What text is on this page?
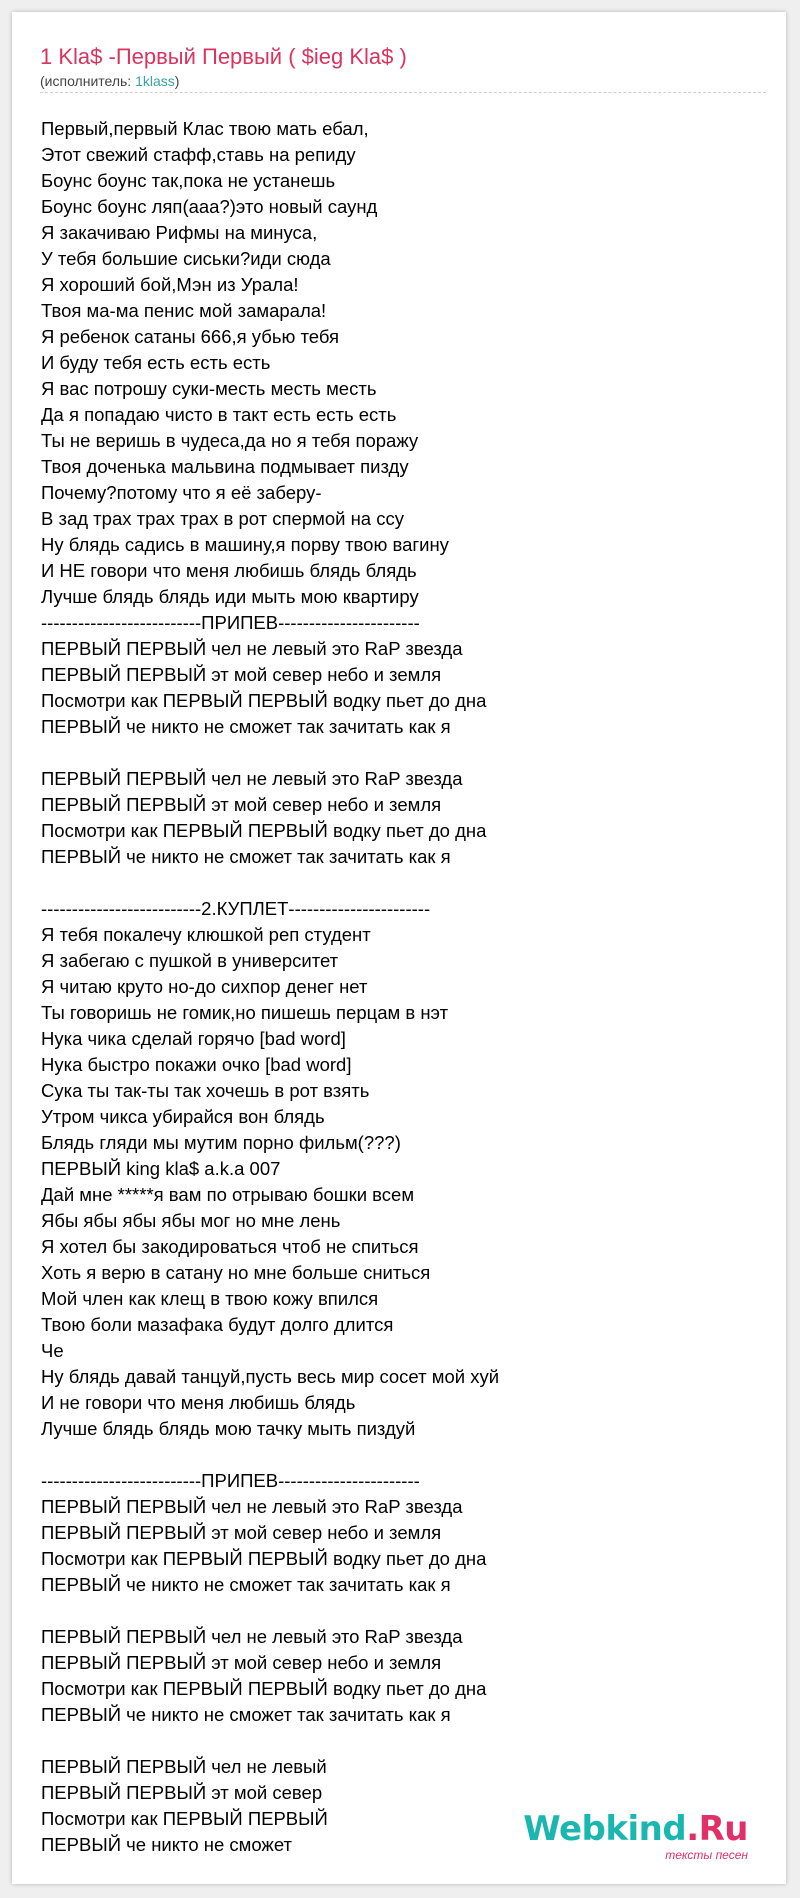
1 Kla$ -Первый Первый ( $ieg Kla$ )
(исполнитель: 1klass)
Первый,первый Клас твою мать ебал,
Этот свежий стафф,ставь на репиду
Боунс боунс так,пока не устанешь
Боунс боунс ляп(ааа?)это новый саунд
Я закачиваю Рифмы на минуса,
У тебя большие сиськи?иди сюда
Я хороший бой,Мэн из Урала!
Твоя ма-ма пенис мой замарала!
Я ребенок сатаны 666,я убью тебя
И буду тебя есть есть есть
Я вас потрошу суки-месть месть месть
Да я попадаю чисто в такт есть есть есть
Ты не веришь в чудеса,да но я тебя поражу
Твоя доченька мальвина подмывает пизду
Почему?потому что я её заберу-
В зад трах трах трах в рот спермой на ссу
Ну блядь садись в машину,я порву твою вагину
И НЕ говори что меня любишь блядь блядь
Лучше блядь блядь иди мыть мою квартиру
--------------------------ПРИПЕВ-----------------------
ПЕРВЫЙ ПЕРВЫЙ чел не левый это RaP звезда
ПЕРВЫЙ ПЕРВЫЙ эт мой север небо и земля
Посмотри как ПЕРВЫЙ ПЕРВЫЙ водку пьет до дна
ПЕРВЫЙ че никто не сможет так зачитать как я

ПЕРВЫЙ ПЕРВЫЙ чел не левый это RaP звезда
ПЕРВЫЙ ПЕРВЫЙ эт мой север небо и земля
Посмотри как ПЕРВЫЙ ПЕРВЫЙ водку пьет до дна
ПЕРВЫЙ че никто не сможет так зачитать как я

--------------------------2.КУПЛЕТ-----------------------
Я тебя покалечу клюшкой реп студент
Я забегаю с пушкой в университет
Я читаю круто но-до сихпор денег нет
Ты говоришь не гомик,но пишешь перцам в нэт
Нука чика сделай горячо [bad word]
Нука быстро покажи очко [bad word]
Сука ты так-ты так хочешь в рот взять
Утром чикса убирайся вон блядь
Блядь гляди мы мутим порно фильм(???)
ПЕРВЫЙ king kla$ a.k.a 007
Дай мне *****я вам по отрываю бошки всем
Ябы ябы ябы ябы мог но мне лень
Я хотел бы закодироваться чтоб не спиться
Хоть я верю в сатану но мне больше сниться
Мой член как клещ в твою кожу впился
Твою боли мазафака будут долго длится
Че
Ну блядь давай танцуй,пусть весь мир сосет мой хуй
И не говори что меня любишь блядь
Лучше блядь блядь мою тачку мыть пиздуй

--------------------------ПРИПЕВ-----------------------
ПЕРВЫЙ ПЕРВЫЙ чел не левый это RaP звезда
ПЕРВЫЙ ПЕРВЫЙ эт мой север небо и земля
Посмотри как ПЕРВЫЙ ПЕРВЫЙ водку пьет до дна
ПЕРВЫЙ че никто не сможет так зачитать как я

ПЕРВЫЙ ПЕРВЫЙ чел не левый это RaP звезда
ПЕРВЫЙ ПЕРВЫЙ эт мой север небо и земля
Посмотри как ПЕРВЫЙ ПЕРВЫЙ водку пьет до дна
ПЕРВЫЙ че никто не сможет так зачитать как я

ПЕРВЫЙ ПЕРВЫЙ чел не левый
ПЕРВЫЙ ПЕРВЫЙ эт мой север
Посмотри как ПЕРВЫЙ ПЕРВЫЙ
ПЕРВЫЙ че никто не сможет	Webkind.Ru
тексты песен
